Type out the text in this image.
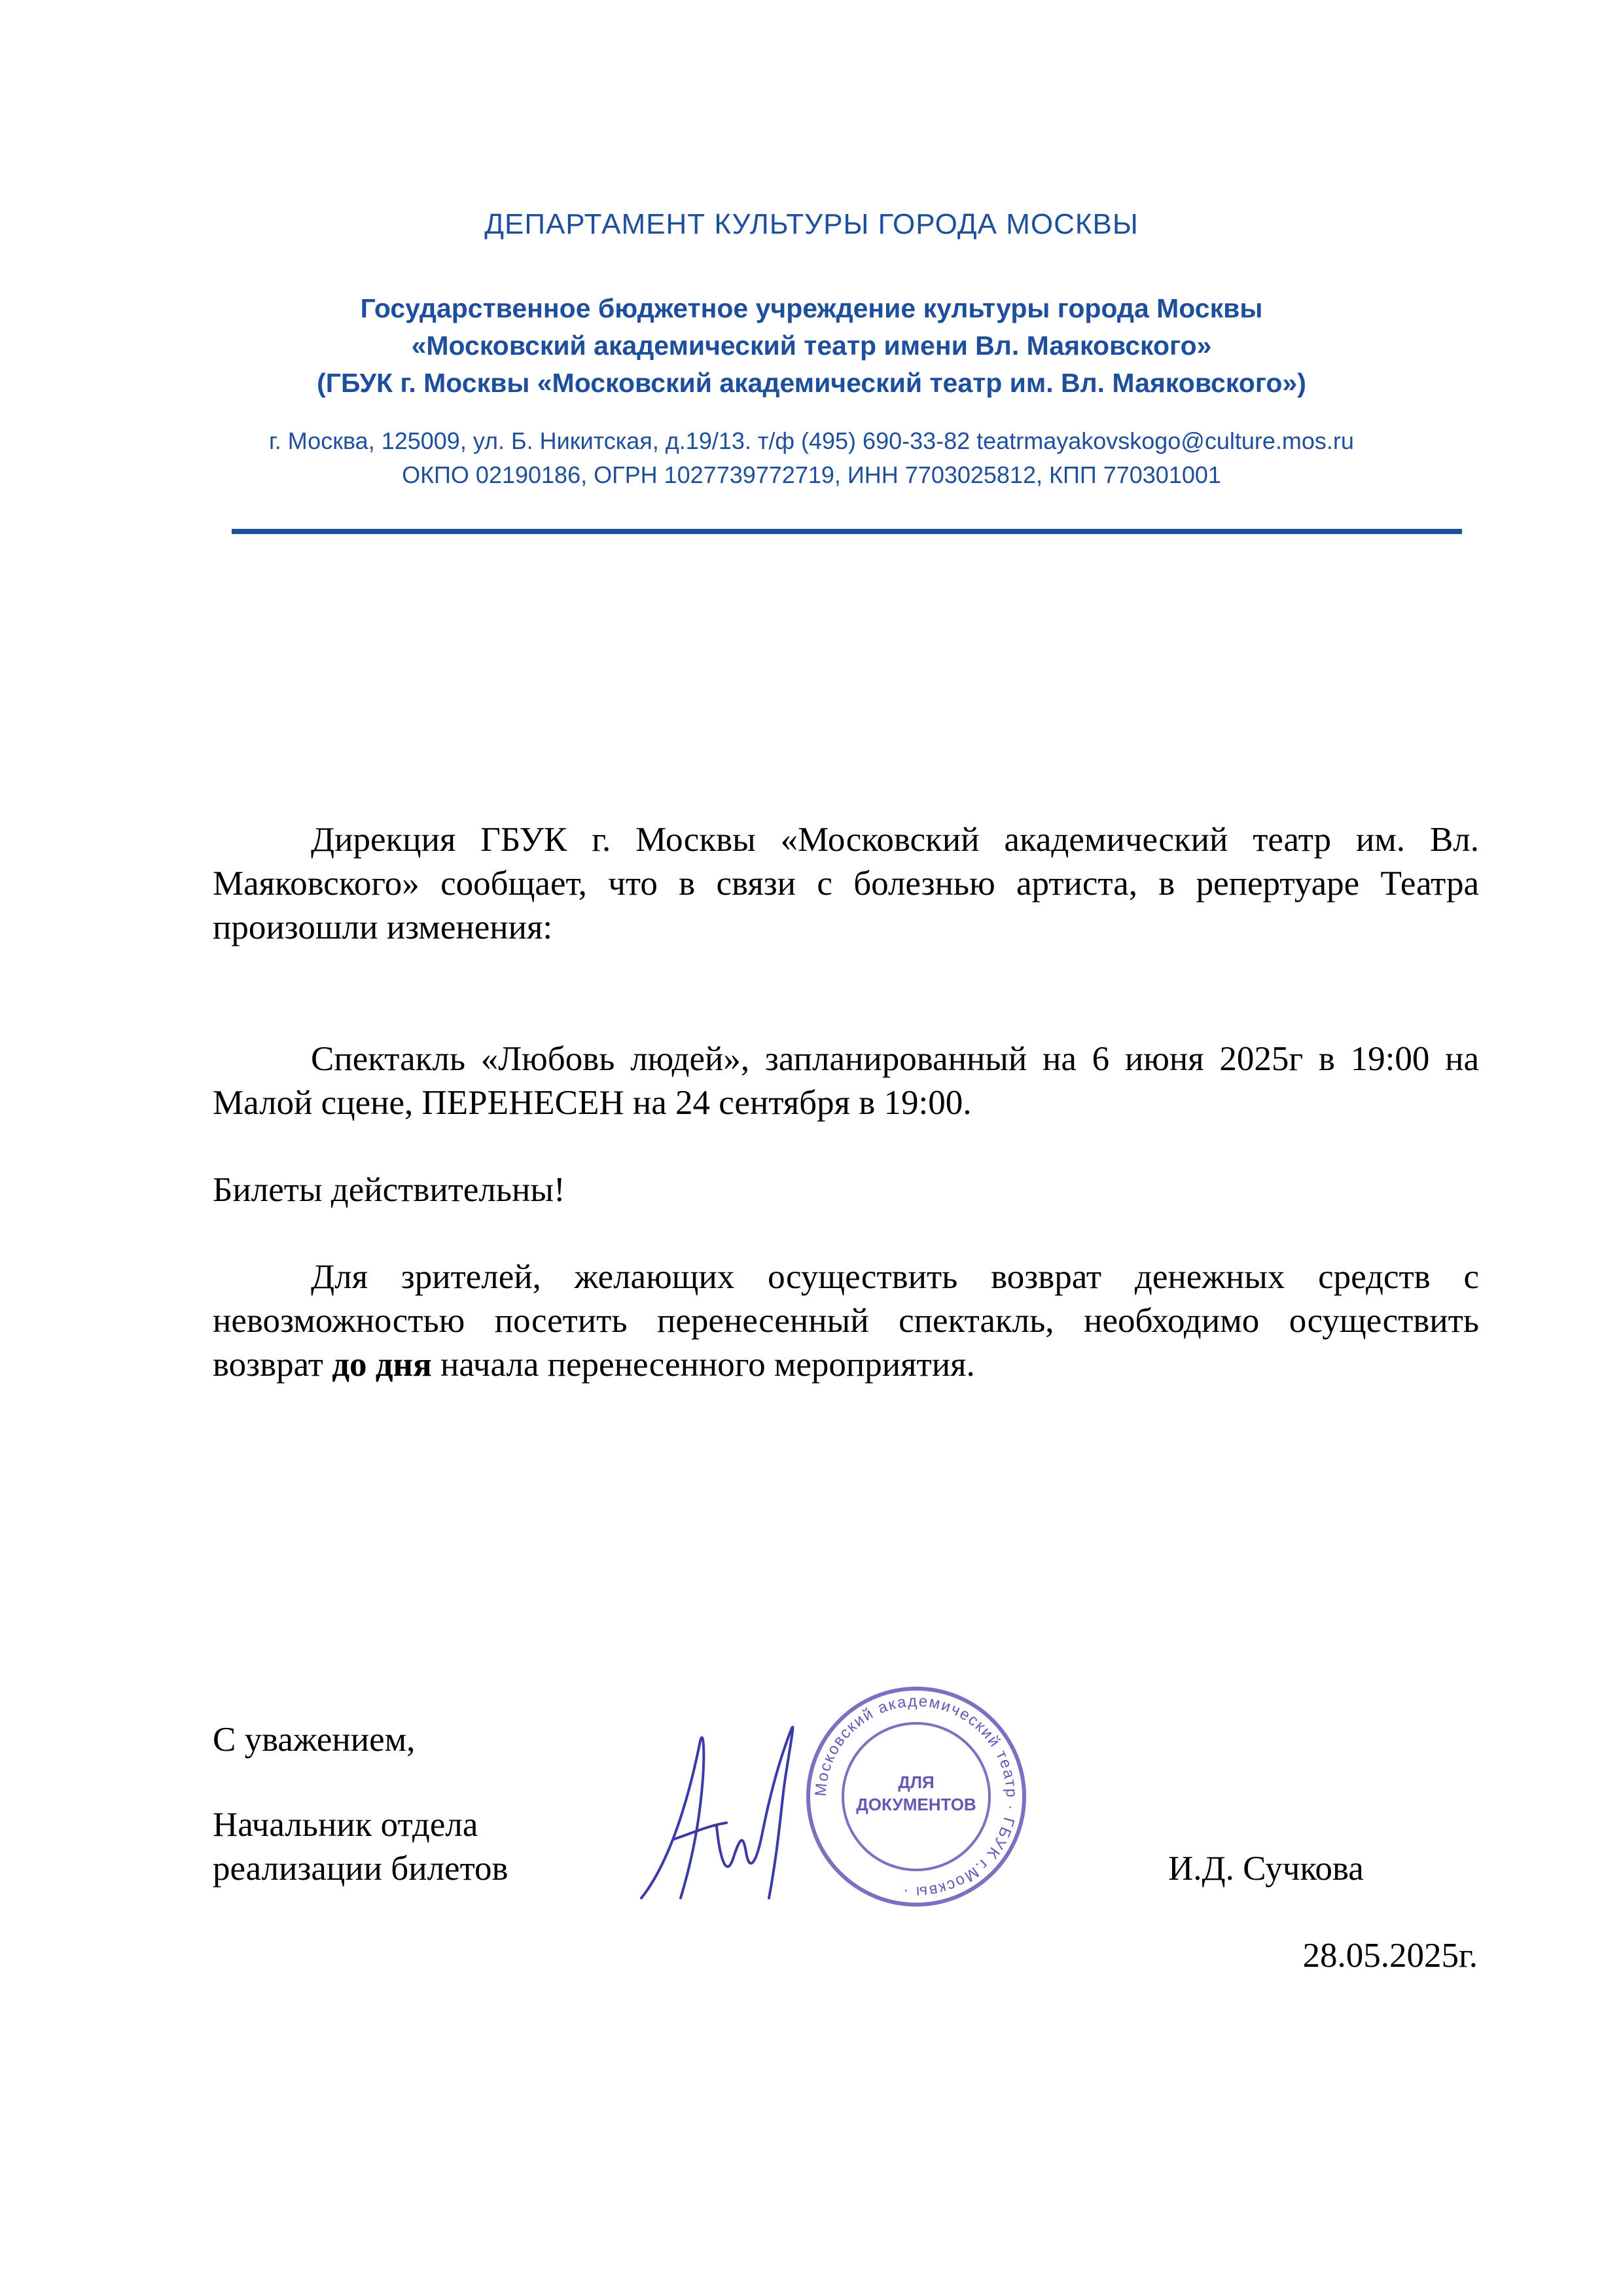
ДЕПАРТАМЕНТ КУЛЬТУРЫ ГОРОДА МОСКВЫ
Государственное бюджетное учреждение культуры города Москвы
«Московский академический театр имени Вл. Маяковского»
(ГБУК г. Москвы «Московский академический театр им. Вл. Маяковского»)
г. Москва, 125009, ул. Б. Никитская, д.19/13. т/ф (495) 690-33-82 teatrmayakovskogo@culture.mos.ru
ОКПО 02190186, ОГРН 1027739772719, ИНН 7703025812, КПП 770301001

Дирекция ГБУК г. Москвы «Московский академический театр им. Вл. Маяковского» сообщает, что в связи с болезнью артиста, в репертуаре Театра произошли изменения:

Спектакль «Любовь людей», запланированный на 6 июня 2025г в 19:00 на Малой сцене, ПЕРЕНЕСЕН на 24 сентября в 19:00.

Билеты действительны!

Для зрителей, желающих осуществить возврат денежных средств с невозможностью посетить перенесенный спектакль, необходимо осуществить возврат до дня начала перенесенного мероприятия.

С уважением,
Начальник отдела
реализации билетов	И.Д. Сучкова
28.05.2025г.
Московский академический театр · ГБУК г.Москвы ·
ДЛЯ
ДОКУМЕНТОВ
